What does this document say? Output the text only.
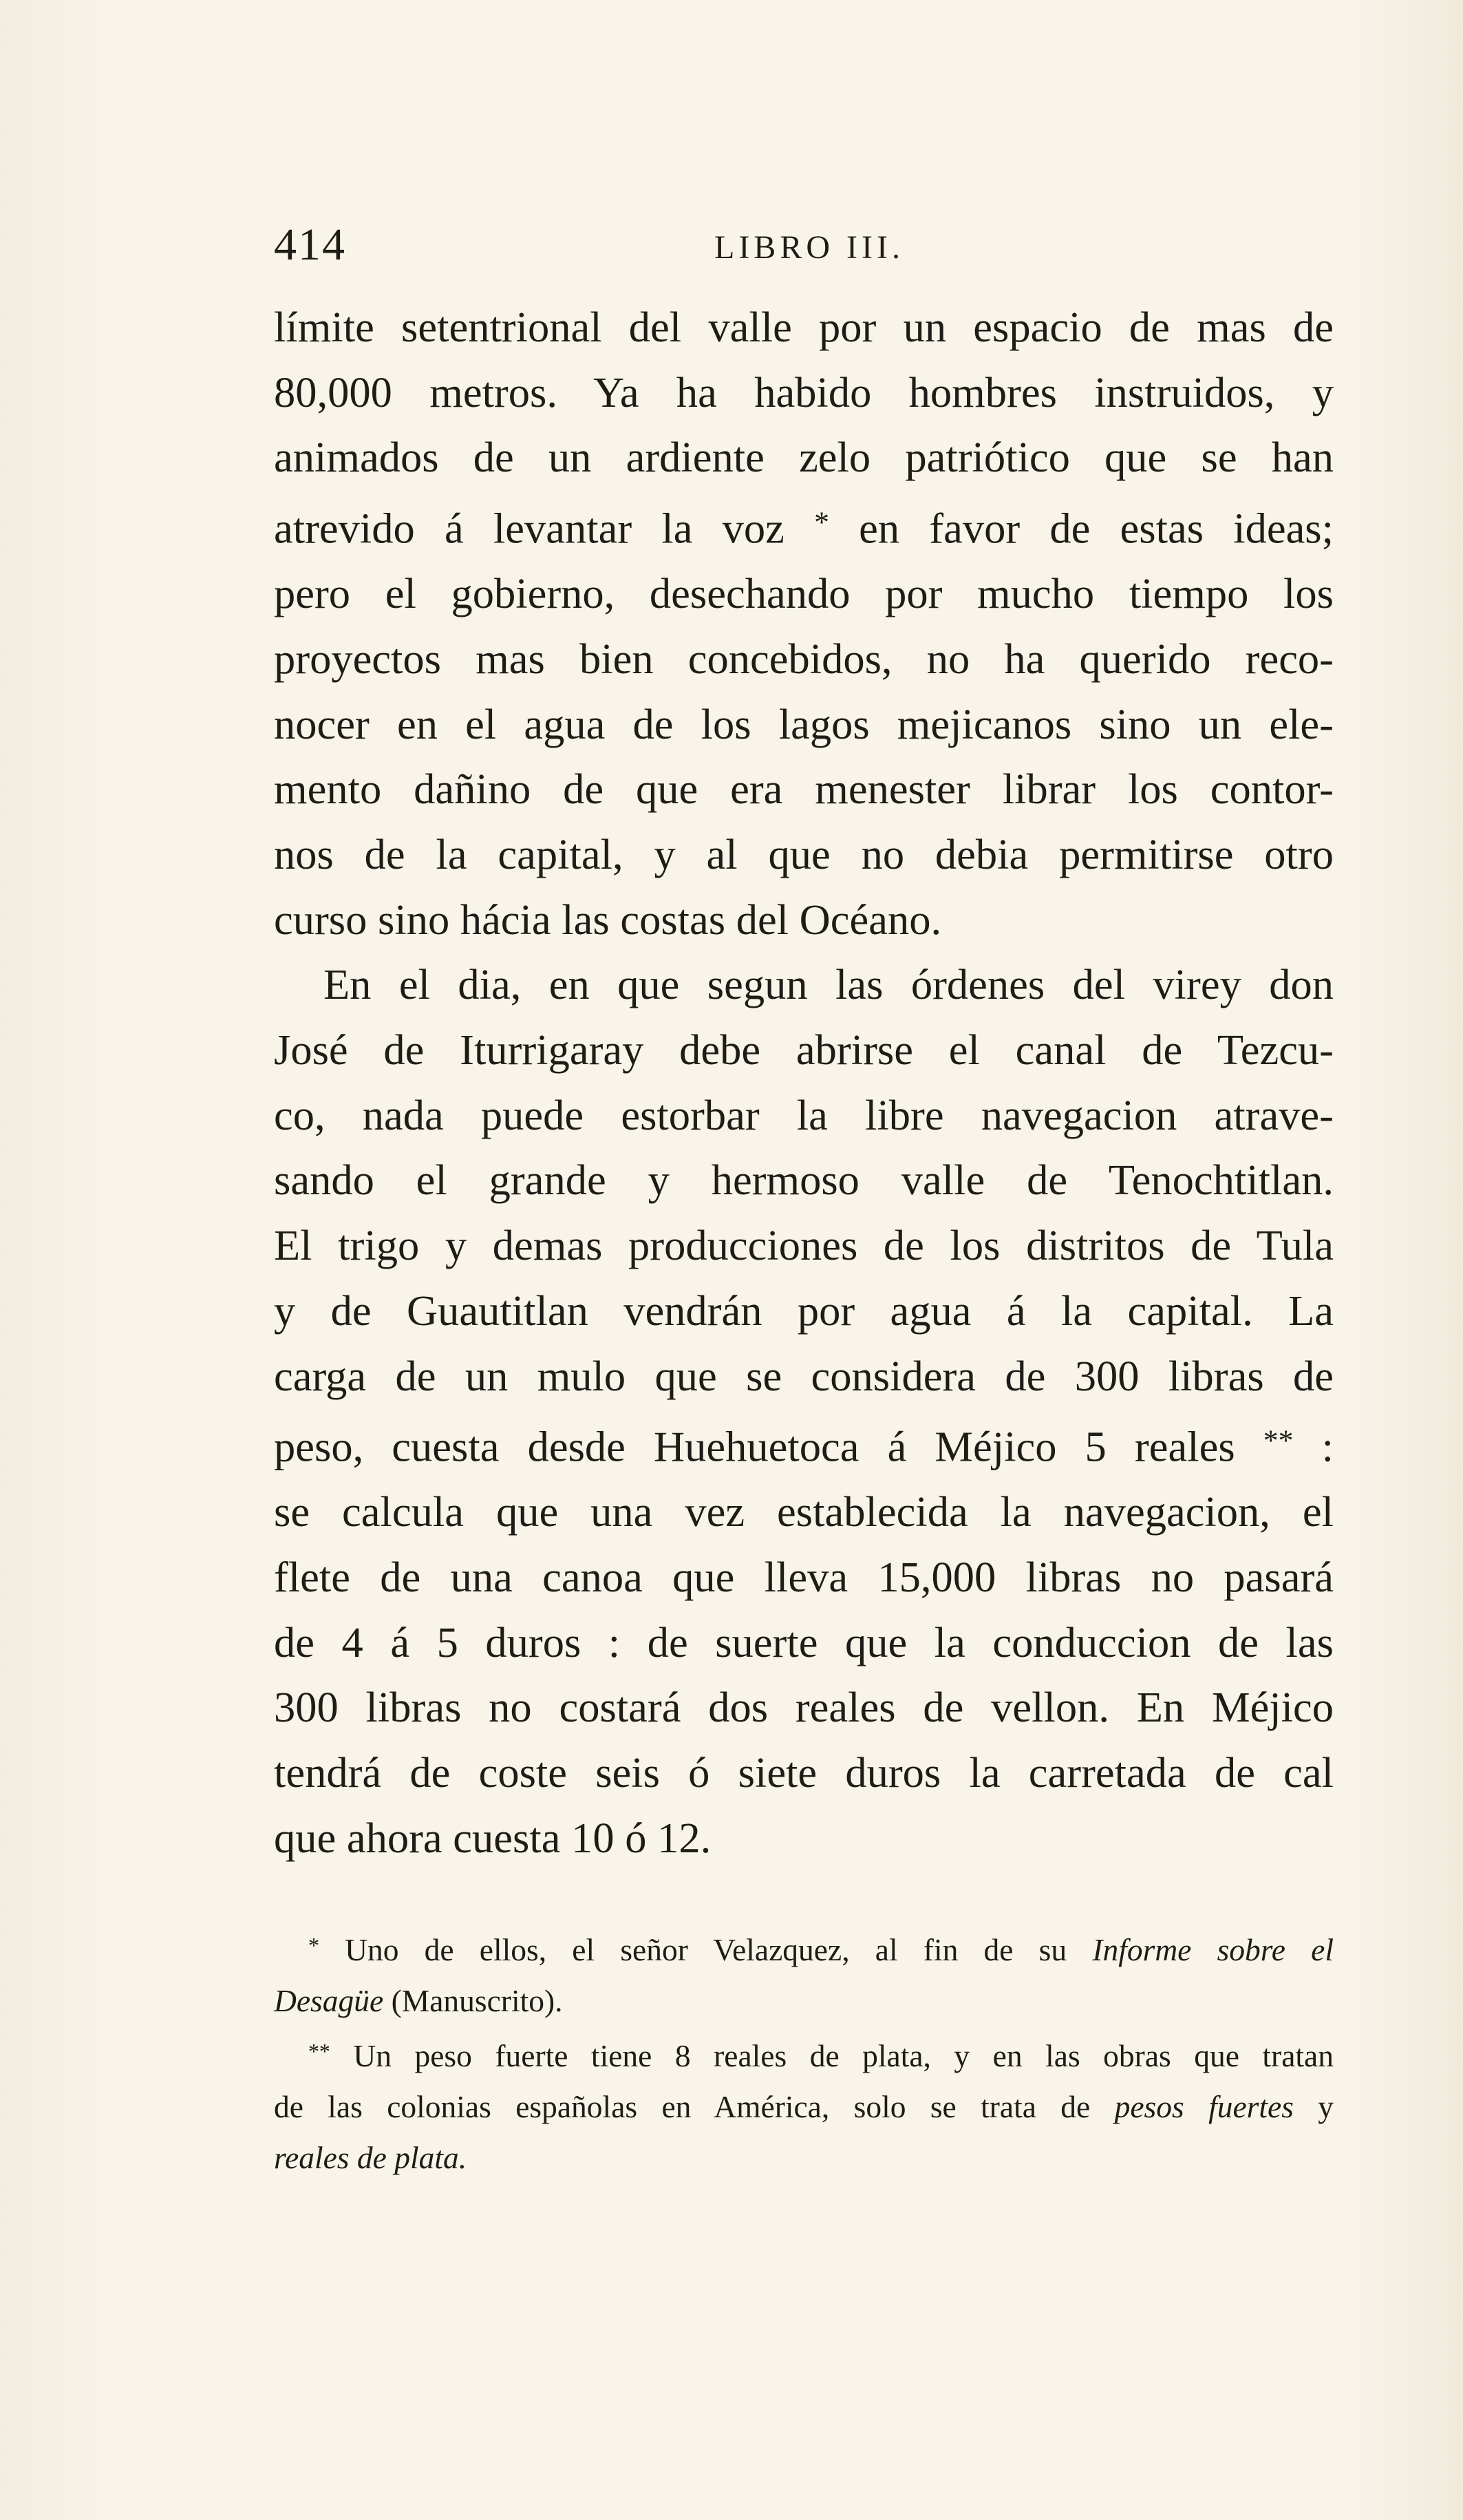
414	LIBRO III.
límite setentrional del valle por un espacio de mas de
80,000 metros. Ya ha habido hombres instruidos, y
animados de un ardiente zelo patriótico que se han
atrevido á levantar la voz * en favor de estas ideas;
pero el gobierno, desechando por mucho tiempo los
proyectos mas bien concebidos, no ha querido reco-
nocer en el agua de los lagos mejicanos sino un ele-
mento dañino de que era menester librar los contor-
nos de la capital, y al que no debia permitirse otro
curso sino hácia las costas del Océano.
En el dia, en que segun las órdenes del virey don
José de Iturrigaray debe abrirse el canal de Tezcu-
co, nada puede estorbar la libre navegacion atrave-
sando el grande y hermoso valle de Tenochtitlan.
El trigo y demas producciones de los distritos de Tula
y de Guautitlan vendrán por agua á la capital. La
carga de un mulo que se considera de 300 libras de
peso, cuesta desde Huehuetoca á Méjico 5 reales ** :
se calcula que una vez establecida la navegacion, el
flete de una canoa que lleva 15,000 libras no pasará
de 4 á 5 duros : de suerte que la conduccion de las
300 libras no costará dos reales de vellon. En Méjico
tendrá de coste seis ó siete duros la carretada de cal
que ahora cuesta 10 ó 12.
* Uno de ellos, el señor Velazquez, al fin de su Informe sobre el
Desagüe (Manuscrito).
** Un peso fuerte tiene 8 reales de plata, y en las obras que tratan
de las colonias españolas en América, solo se trata de pesos fuertes y
reales de plata.
